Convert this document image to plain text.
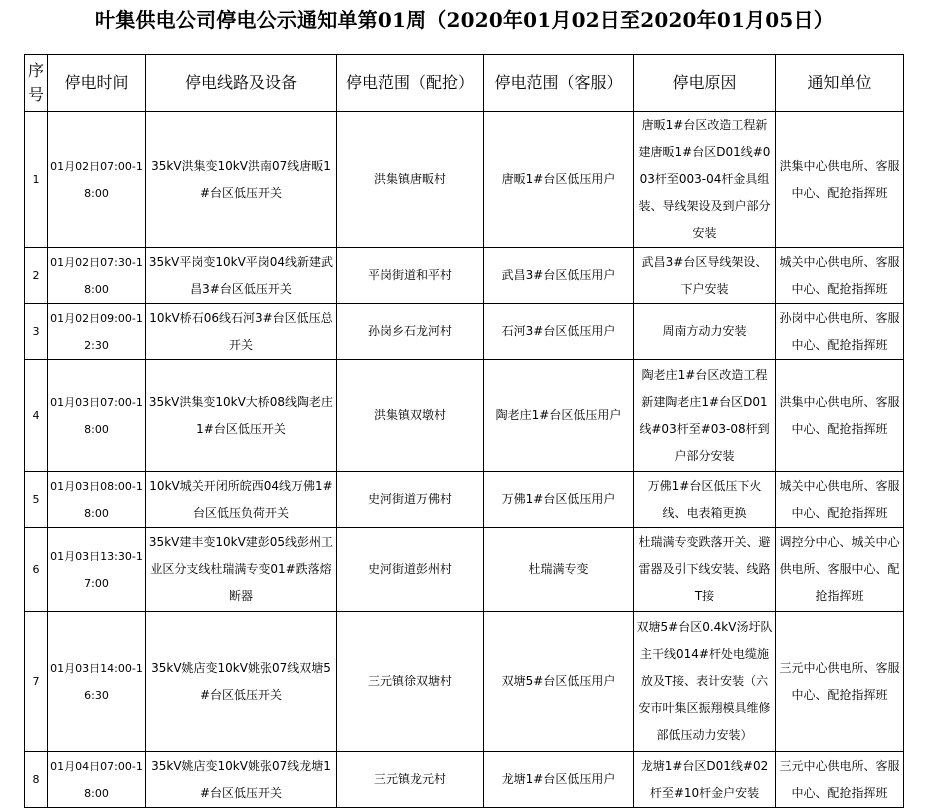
叶集供电公司停电公示通知单第01周（2020年01月02日至2020年01月05日）
序号	停电时间	停电线路及设备	停电范围（配抢）	停电范围（客服）	停电原因	通知单位
1	01月02日07:00-18:00	35kV洪集变10kV洪南07线唐畈1#台区低压开关	洪集镇唐畈村	唐畈1#台区低压用户	唐畈1#台区改造工程新建唐畈1#台区D01线#003杆至003-04杆金具组装、导线架设及到户部分安装	洪集中心供电所、客服中心、配抢指挥班
2	01月02日07:30-18:00	35kV平岗变10kV平岗04线新建武昌3#台区低压开关	平岗街道和平村	武昌3#台区低压用户	武昌3#台区导线架设、下户安装	城关中心供电所、客服中心、配抢指挥班
3	01月02日09:00-12:30	10kV桥石06线石河3#台区低压总开关	孙岗乡石龙河村	石河3#台区低压用户	周南方动力安装	孙岗中心供电所、客服中心、配抢指挥班
4	01月03日07:00-18:00	35kV洪集变10kV大桥08线陶老庄1#台区低压开关	洪集镇双墩村	陶老庄1#台区低压用户	陶老庄1#台区改造工程新建陶老庄1#台区D01线#03杆至#03-08杆到户部分安装	洪集中心供电所、客服中心、配抢指挥班
5	01月03日08:00-18:00	10kV城关开闭所皖西04线万佛1#台区低压负荷开关	史河街道万佛村	万佛1#台区低压用户	万佛1#台区低压下火线、电表箱更换	城关中心供电所、客服中心、配抢指挥班
6	01月03日13:30-17:00	35kV建丰变10kV建彭05线彭州工业区分支线杜瑞满专变01#跌落熔断器	史河街道彭州村	杜瑞满专变	杜瑞满专变跌落开关、避雷器及引下线安装、线路T接	调控分中心、城关中心供电所、客服中心、配抢指挥班
7	01月03日14:00-16:30	35kV姚店变10kV姚张07线双塘5#台区低压开关	三元镇徐双塘村	双塘5#台区低压用户	双塘5#台区0.4kV汤圩队主干线014#杆处电缆施放及T接、表计安装（六安市叶集区振翔模具维修部低压动力安装）	三元中心供电所、客服中心、配抢指挥班
8	01月04日07:00-18:00	35kV姚店变10kV姚张07线龙塘1#台区低压开关	三元镇龙元村	龙塘1#台区低压用户	龙塘1#台区D01线#02杆至#10杆金户安装	三元中心供电所、客服中心、配抢指挥班
